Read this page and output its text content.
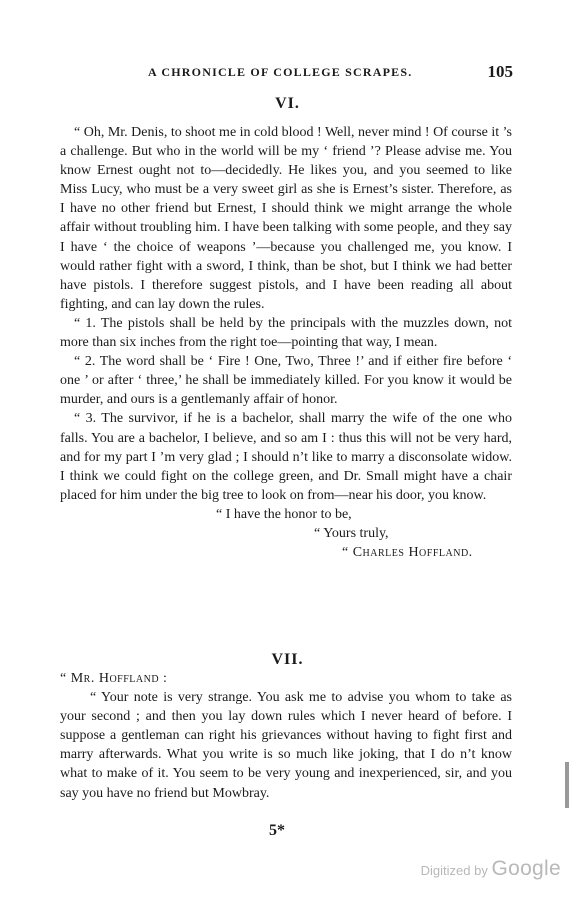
A CHRONICLE OF COLLEGE SCRAPES.	105
VI.

“ Oh, Mr. Denis, to shoot me in cold blood ! Well, never mind ! Of course it ’s a challenge. But who in the world will be my ‘ friend ’? Please advise me. You know Ernest ought not to—decidedly. He likes you, and you seemed to like Miss Lucy, who must be a very sweet girl as she is Ernest’s sister. Therefore, as I have no other friend but Ernest, I should think we might arrange the whole affair without troubling him. I have been talking with some people, and they say I have ‘ the choice of weapons ’—because you challenged me, you know. I would rather fight with a sword, I think, than be shot, but I think we had better have pistols. I therefore suggest pistols, and I have been reading all about fighting, and can lay down the rules.

“ 1. The pistols shall be held by the principals with the muzzles down, not more than six inches from the right toe—pointing that way, I mean.

“ 2. The word shall be ‘ Fire ! One, Two, Three !’ and if either fire before ‘ one ’ or after ‘ three,’ he shall be immediately killed. For you know it would be murder, and ours is a gentlemanly affair of honor.

“ 3. The survivor, if he is a bachelor, shall marry the wife of the one who falls. You are a bachelor, I believe, and so am I : thus this will not be very hard, and for my part I ’m very glad ; I should n’t like to marry a disconsolate widow. I think we could fight on the college green, and Dr. Small might have a chair placed for him under the big tree to look on from—near his door, you know.

“ I have the honor to be,

“ Yours truly,

“ Charles Hoffland.

VII.

“ Mr. Hoffland :

“ Your note is very strange. You ask me to advise you whom to take as your second ; and then you lay down rules which I never heard of before. I suppose a gentleman can right his grievances without having to fight first and marry afterwards. What you write is so much like joking, that I do n’t know what to make of it. You seem to be very young and inexperienced, sir, and you say you have no friend but Mowbray.

5*
Digitized by Google
